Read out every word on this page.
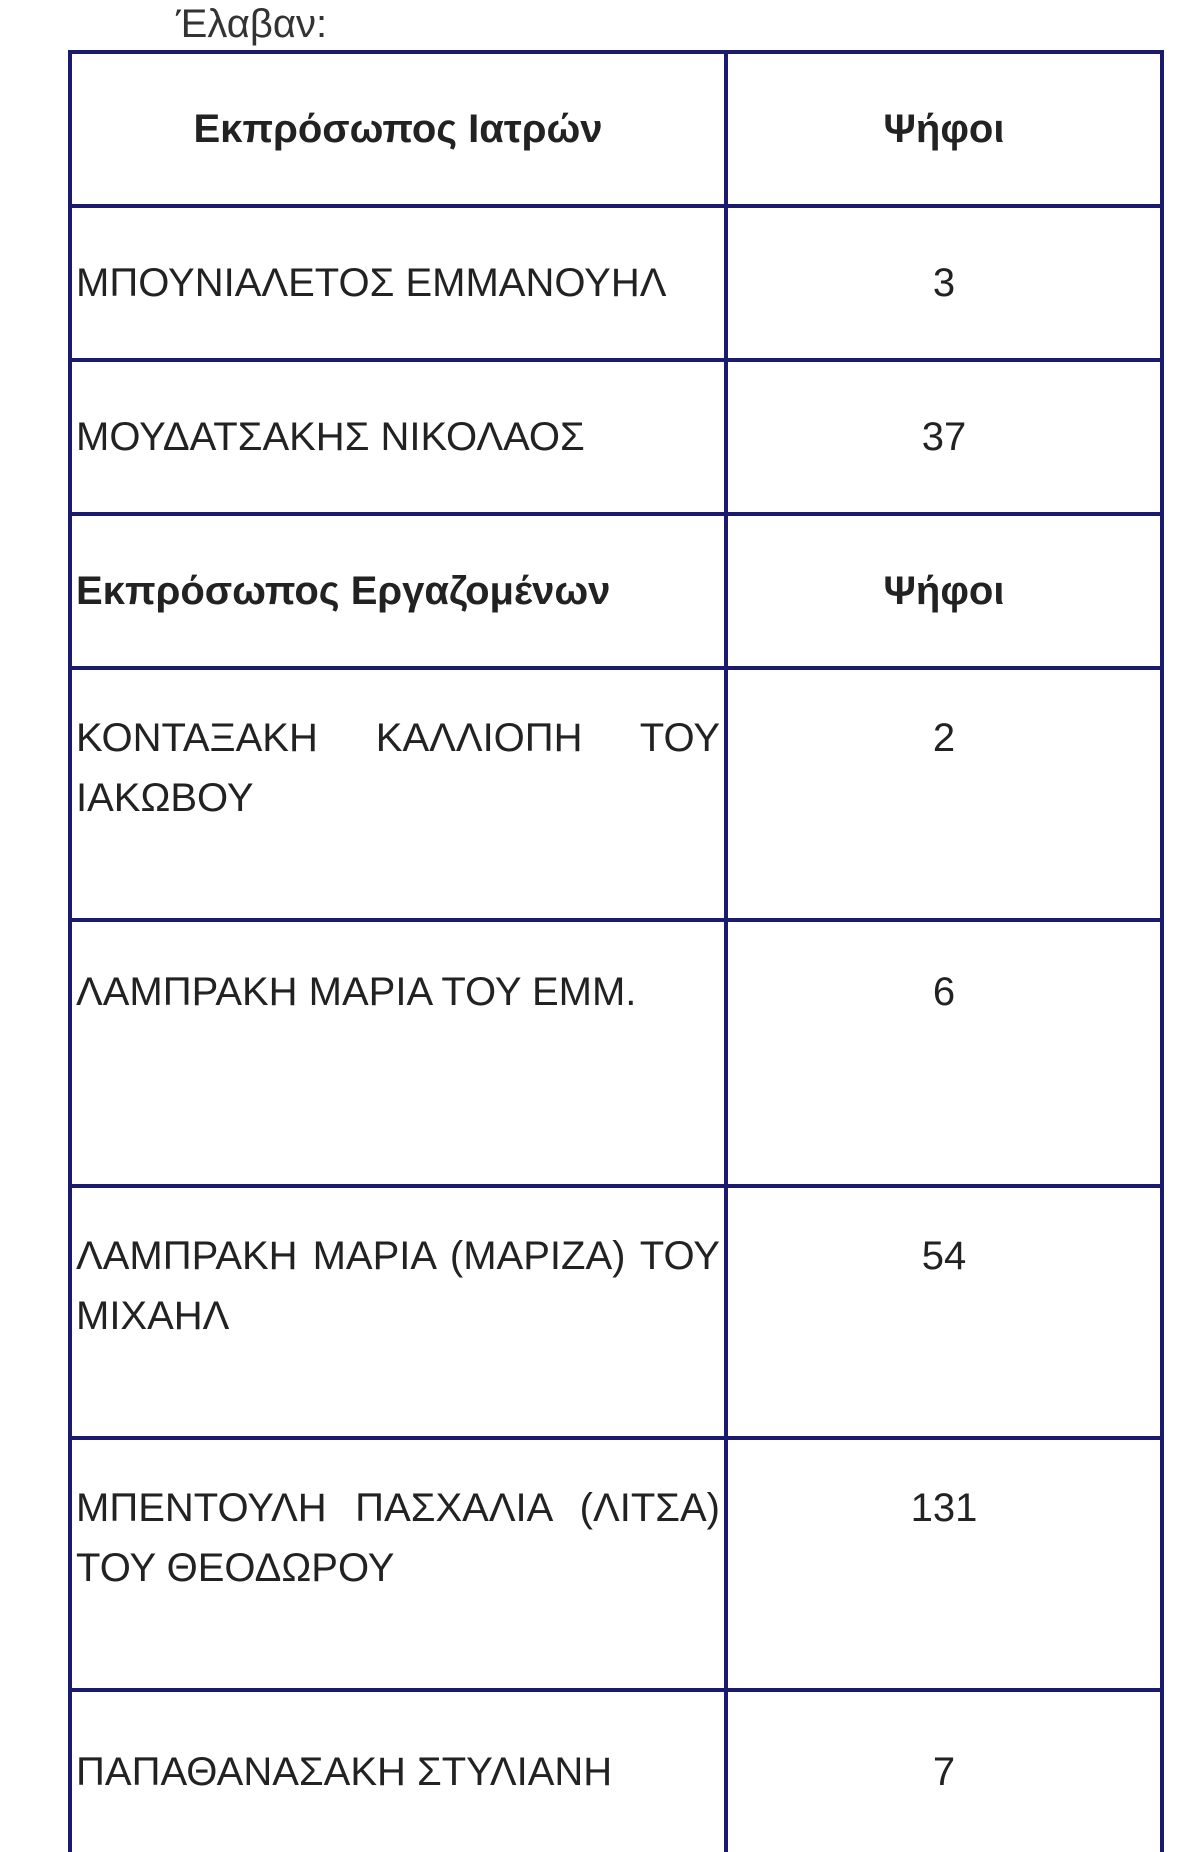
Έλαβαν:
Εκπρόσωπος Ιατρών	Ψήφοι
ΜΠΟΥΝΙΑΛΕΤΟΣ ΕΜΜΑΝΟΥΗΛ	3
ΜΟΥΔΑΤΣΑΚΗΣ ΝΙΚΟΛΑΟΣ	37
Εκπρόσωπος Εργαζομένων	Ψήφοι
ΚΟΝΤΑΞΑΚΗ ΚΑΛΛΙΟΠΗ ΤΟΥ ΙΑΚΩΒΟΥ	2
ΛΑΜΠΡΑΚΗ ΜΑΡΙΑ ΤΟΥ ΕΜΜ.	6
ΛΑΜΠΡΑΚΗ ΜΑΡΙΑ (ΜΑΡΙΖΑ) ΤΟΥ ΜΙΧΑΗΛ	54
ΜΠΕΝΤΟΥΛΗ ΠΑΣΧΑΛΙΑ (ΛΙΤΣΑ) ΤΟΥ ΘΕΟΔΩΡΟΥ	131
ΠΑΠΑΘΑΝΑΣΑΚΗ ΣΤΥΛΙΑΝΗ	7
